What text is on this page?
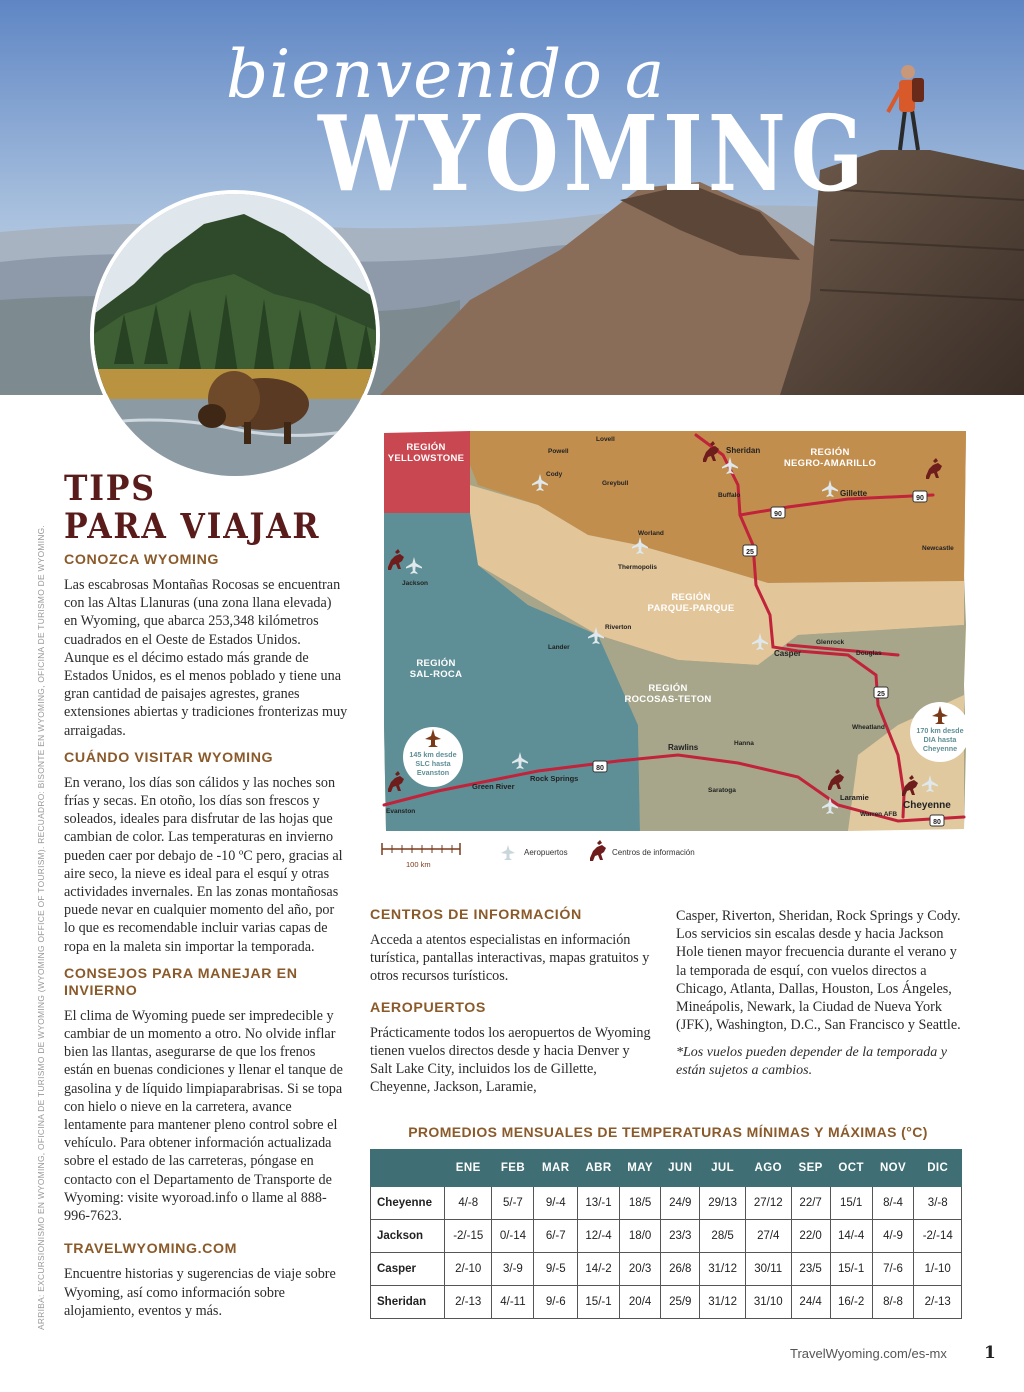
bienvenido a
WYOMING
ARRIBA: EXCURSIONISMO EN WYOMING, OFICINA DE TURISMO DE WYOMING (WYOMING OFFICE OF TOURISM). RECUADRO: BISONTE EN WYOMING, OFICINA DE TURISMO DE WYOMING.
TIPS
PARA VIAJAR
CONOZCA WYOMING

Las escabrosas Montañas Rocosas se encuentran con las Altas Llanuras (una zona llana elevada) en Wyoming, que abarca 253,348 kilómetros cuadrados en el Oeste de Estados Unidos. Aunque es el décimo estado más grande de Estados Unidos, es el menos poblado y tiene una gran cantidad de paisajes agrestes, granes extensiones abiertas y tradiciones fronterizas muy arraigadas.

CUÁNDO VISITAR WYOMING

En verano, los días son cálidos y las noches son frías y secas. En otoño, los días son frescos y soleados, ideales para disfrutar de las hojas que cambian de color. Las temperaturas en invierno pueden caer por debajo de -10 ºC pero, gracias al aire seco, la nieve es ideal para el esquí y otras actividades invernales. En las zonas montañosas puede nevar en cualquier momento del año, por lo que es recomendable incluir varias capas de ropa en la maleta sin importar la temporada.

CONSEJOS PARA MANEJAR EN INVIERNO

El clima de Wyoming puede ser impredecible y cambiar de un momento a otro. No olvide inflar bien las llantas, asegurarse de que los frenos están en buenas condiciones y llenar el tanque de gasolina y de líquido limpiaparabrisas. Si se topa con hielo o nieve en la carretera, avance lentamente para mantener pleno control sobre el vehículo. Para obtener información actualizada sobre el estado de las carreteras, póngase en contacto con el Departamento de Transporte de Wyoming: visite wyoroad.info o llame al 888-996-7623.

TRAVELWYOMING.COM

Encuentre historias y sugerencias de viaje sobre Wyoming, así como información sobre alojamiento, eventos y más.

90
90
25
25
80
80
REGIÓN
YELLOWSTONE
REGIÓN
NEGRO-AMARILLO
REGIÓN
PARQUE-PARQUE
REGIÓN
SAL-ROCA
REGIÓN
ROCOSAS-TETON
Lovell
Powell	Sheridan
Cody
Greybull
Buffalo	Gillette
Worland
Newcastle
Thermopolis
Jackson
Riverton
Lander
Glenrock
Casper	Douglas
Wheatland
Rawlins	Hanna
Rock Springs
Green River	Saratoga
Laramie
Cheyenne
Warren AFB
Evanston
145 km desde
SLC hasta
Evanston
170 km desde
DIA hasta
Cheyenne
100 km
Aeropuertos	Centros de información
CENTROS DE INFORMACIÓN

Acceda a atentos especialistas en información turística, pantallas interactivas, mapas gratuitos y otros recursos turísticos.

AEROPUERTOS

Prácticamente todos los aeropuertos de Wyoming tienen vuelos directos desde y hacia Denver y Salt Lake City, incluidos los de Gillette, Cheyenne, Jackson, Laramie,

Casper, Riverton, Sheridan, Rock Springs y Cody. Los servicios sin escalas desde y hacia Jackson Hole tienen mayor frecuencia durante el verano y la temporada de esquí, con vuelos directos a Chicago, Atlanta, Dallas, Houston, Los Ángeles, Mineápolis, Newark, la Ciudad de Nueva York (JFK), Washington, D.C., San Francisco y Seattle.

*Los vuelos pueden depender de la temporada y están sujetos a cambios.

PROMEDIOS MENSUALES DE TEMPERATURAS MÍNIMAS Y MÁXIMAS (°C)
	ENE	FEB	MAR	ABR	MAY	JUN	JUL	AGO	SEP	OCT	NOV	DIC
Cheyenne	4/-8	5/-7	9/-4	13/-1	18/5	24/9	29/13	27/12	22/7	15/1	8/-4	3/-8
Jackson	-2/-15	0/-14	6/-7	12/-4	18/0	23/3	28/5	27/4	22/0	14/-4	4/-9	-2/-14
Casper	2/-10	3/-9	9/-5	14/-2	20/3	26/8	31/12	30/11	23/5	15/-1	7/-6	1/-10
Sheridan	2/-13	4/-11	9/-6	15/-1	20/4	25/9	31/12	31/10	24/4	16/-2	8/-8	2/-13
TravelWyoming.com/es-mx 1
